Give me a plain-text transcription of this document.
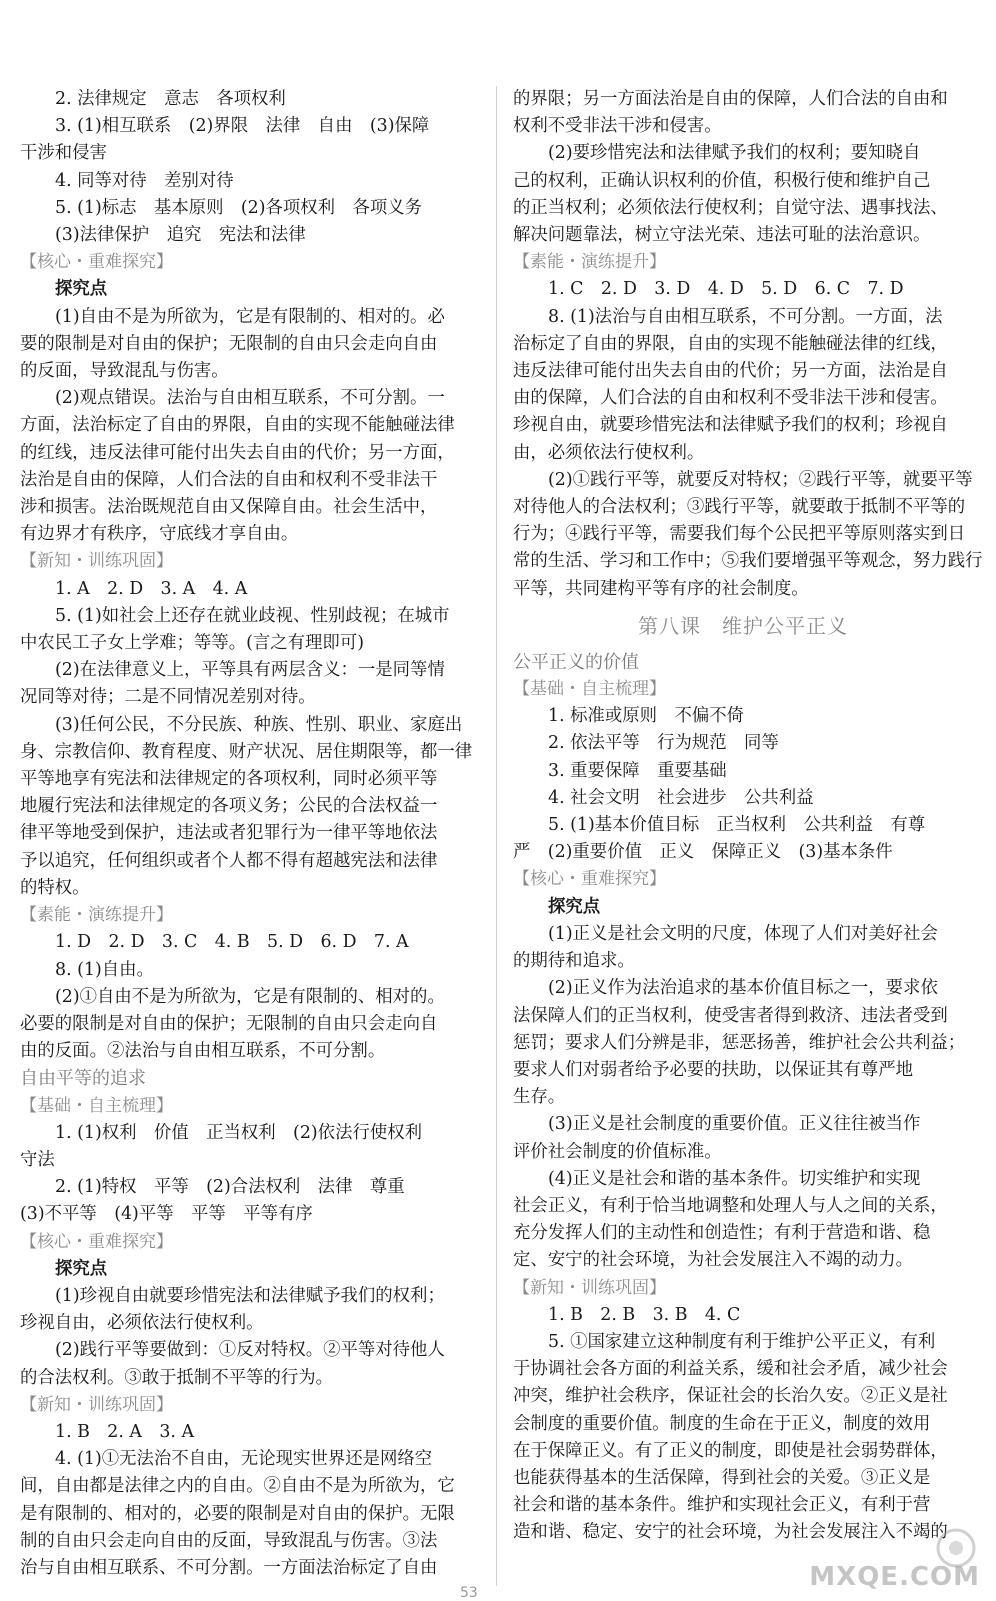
2. 法律规定　意志　各项权利
3. (1)相互联系　(2)界限　法律　自由　(3)保障
干涉和侵害
4. 同等对待　差别对待
5. (1)标志　基本原则　(2)各项权利　各项义务
(3)法律保护　追究　宪法和法律
【核心・重难探究】
探究点
(1)自由不是为所欲为，它是有限制的、相对的。必
要的限制是对自由的保护；无限制的自由只会走向自由
的反面，导致混乱与伤害。
(2)观点错误。法治与自由相互联系，不可分割。一
方面，法治标定了自由的界限，自由的实现不能触碰法律
的红线，违反法律可能付出失去自由的代价；另一方面，
法治是自由的保障，人们合法的自由和权利不受非法干
涉和损害。法治既规范自由又保障自由。社会生活中，
有边界才有秩序，守底线才享自由。
【新知・训练巩固】
1. A　2. D　3. A　4. A
5. (1)如社会上还存在就业歧视、性别歧视；在城市
中农民工子女上学难；等等。(言之有理即可)
(2)在法律意义上，平等具有两层含义：一是同等情
况同等对待；二是不同情况差别对待。
(3)任何公民，不分民族、种族、性别、职业、家庭出
身、宗教信仰、教育程度、财产状况、居住期限等，都一律
平等地享有宪法和法律规定的各项权利，同时必须平等
地履行宪法和法律规定的各项义务；公民的合法权益一
律平等地受到保护，违法或者犯罪行为一律平等地依法
予以追究，任何组织或者个人都不得有超越宪法和法律
的特权。
【素能・演练提升】
1. D　2. D　3. C　4. B　5. D　6. D　7. A
8. (1)自由。
(2)①自由不是为所欲为，它是有限制的、相对的。
必要的限制是对自由的保护；无限制的自由只会走向自
由的反面。②法治与自由相互联系，不可分割。
自由平等的追求
【基础・自主梳理】
1. (1)权利　价值　正当权利　(2)依法行使权利
守法
2. (1)特权　平等　(2)合法权利　法律　尊重
(3)不平等　(4)平等　平等　平等有序
【核心・重难探究】
探究点
(1)珍视自由就要珍惜宪法和法律赋予我们的权利；
珍视自由，必须依法行使权利。
(2)践行平等要做到：①反对特权。②平等对待他人
的合法权利。③敢于抵制不平等的行为。
【新知・训练巩固】
1. B　2. A　3. A
4. (1)①无法治不自由，无论现实世界还是网络空
间，自由都是法律之内的自由。②自由不是为所欲为，它
是有限制的、相对的，必要的限制是对自由的保护。无限
制的自由只会走向自由的反面，导致混乱与伤害。③法
治与自由相互联系、不可分割。一方面法治标定了自由
的界限；另一方面法治是自由的保障，人们合法的自由和
权利不受非法干涉和侵害。
(2)要珍惜宪法和法律赋予我们的权利；要知晓自
己的权利，正确认识权利的价值，积极行使和维护自己
的正当权利；必须依法行使权利；自觉守法、遇事找法、
解决问题靠法，树立守法光荣、违法可耻的法治意识。
【素能・演练提升】
1. C　2. D　3. D　4. D　5. D　6. C　7. D
8. (1)法治与自由相互联系，不可分割。一方面，法
治标定了自由的界限，自由的实现不能触碰法律的红线，
违反法律可能付出失去自由的代价；另一方面，法治是自
由的保障，人们合法的自由和权利不受非法干涉和侵害。
珍视自由，就要珍惜宪法和法律赋予我们的权利；珍视自
由，必须依法行使权利。
(2)①践行平等，就要反对特权；②践行平等，就要平等
对待他人的合法权利；③践行平等，就要敢于抵制不平等的
行为；④践行平等，需要我们每个公民把平等原则落实到日
常的生活、学习和工作中；⑤我们要增强平等观念，努力践行
平等，共同建构平等有序的社会制度。
第八课　维护公平正义
公平正义的价值
【基础・自主梳理】
1. 标准或原则　不偏不倚
2. 依法平等　行为规范　同等
3. 重要保障　重要基础
4. 社会文明　社会进步　公共利益
5. (1)基本价值目标　正当权利　公共利益　有尊
严　(2)重要价值　正义　保障正义　(3)基本条件
【核心・重难探究】
探究点
(1)正义是社会文明的尺度，体现了人们对美好社会
的期待和追求。
(2)正义作为法治追求的基本价值目标之一，要求依
法保障人们的正当权利，使受害者得到救济、违法者受到
惩罚；要求人们分辨是非，惩恶扬善，维护社会公共利益；
要求人们对弱者给予必要的扶助，以保证其有尊严地
生存。
(3)正义是社会制度的重要价值。正义往往被当作
评价社会制度的价值标准。
(4)正义是社会和谐的基本条件。切实维护和实现
社会正义，有利于恰当地调整和处理人与人之间的关系，
充分发挥人们的主动性和创造性；有利于营造和谐、稳
定、安宁的社会环境，为社会发展注入不竭的动力。
【新知・训练巩固】
1. B　2. B　3. B　4. C
5. ①国家建立这种制度有利于维护公平正义，有利
于协调社会各方面的利益关系，缓和社会矛盾，减少社会
冲突，维护社会秩序，保证社会的长治久安。②正义是社
会制度的重要价值。制度的生命在于正义，制度的效用
在于保障正义。有了正义的制度，即使是社会弱势群体，
也能获得基本的生活保障，得到社会的关爱。③正义是
社会和谐的基本条件。维护和实现社会正义，有利于营
造和谐、稳定、安宁的社会环境，为社会发展注入不竭的
53
MXQE.COM
